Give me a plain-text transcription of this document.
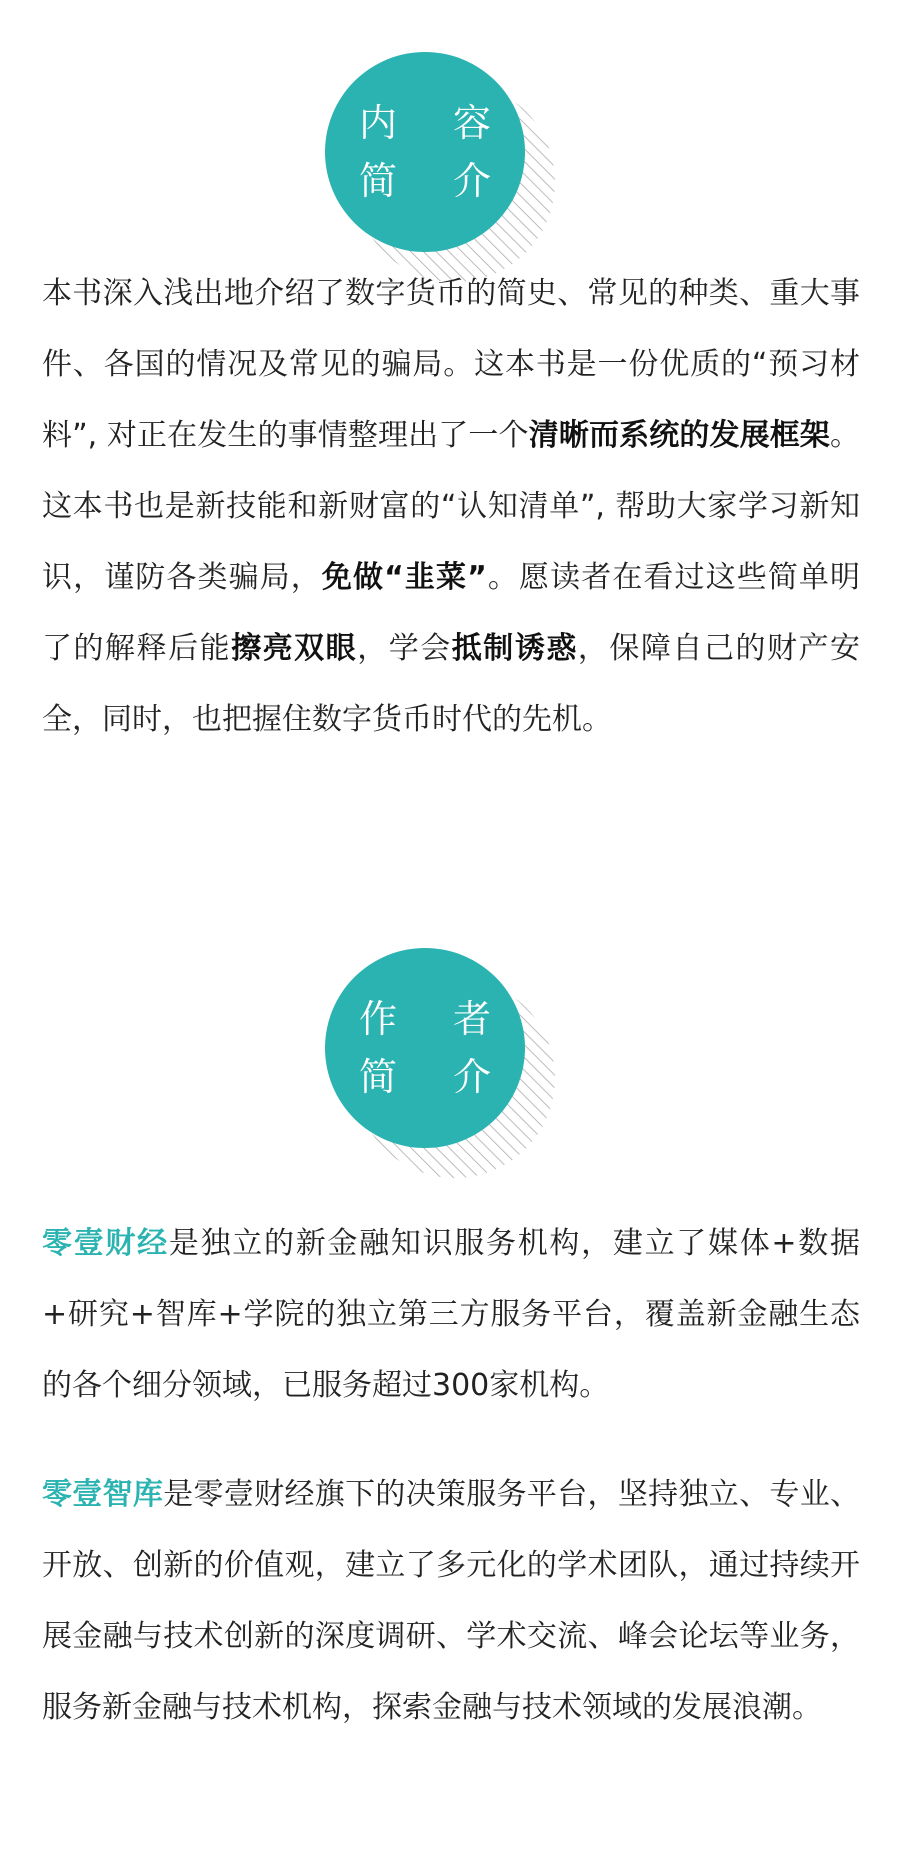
内 容
简 介

本书深入浅出地介绍了数字货币的简史、常见的种类、重大事件、各国的情况及常见的骗局。这本书是一份优质的“预习材料”, 对正在发生的事情整理出了一个清晰而系统的发展框架。这本书也是新技能和新财富的“认知清单”, 帮助大家学习新知识，谨防各类骗局，免做“韭菜”。愿读者在看过这些简单明了的解释后能擦亮双眼，学会抵制诱惑，保障自己的财产安全，同时，也把握住数字货币时代的先机。

作 者
简 介

零壹财经是独立的新金融知识服务机构，建立了媒体+数据+研究+智库+学院的独立第三方服务平台，覆盖新金融生态的各个细分领域，已服务超过300家机构。

零壹智库是零壹财经旗下的决策服务平台，坚持独立、专业、开放、创新的价值观，建立了多元化的学术团队，通过持续开展金融与技术创新的深度调研、学术交流、峰会论坛等业务，服务新金融与技术机构，探索金融与技术领域的发展浪潮。
